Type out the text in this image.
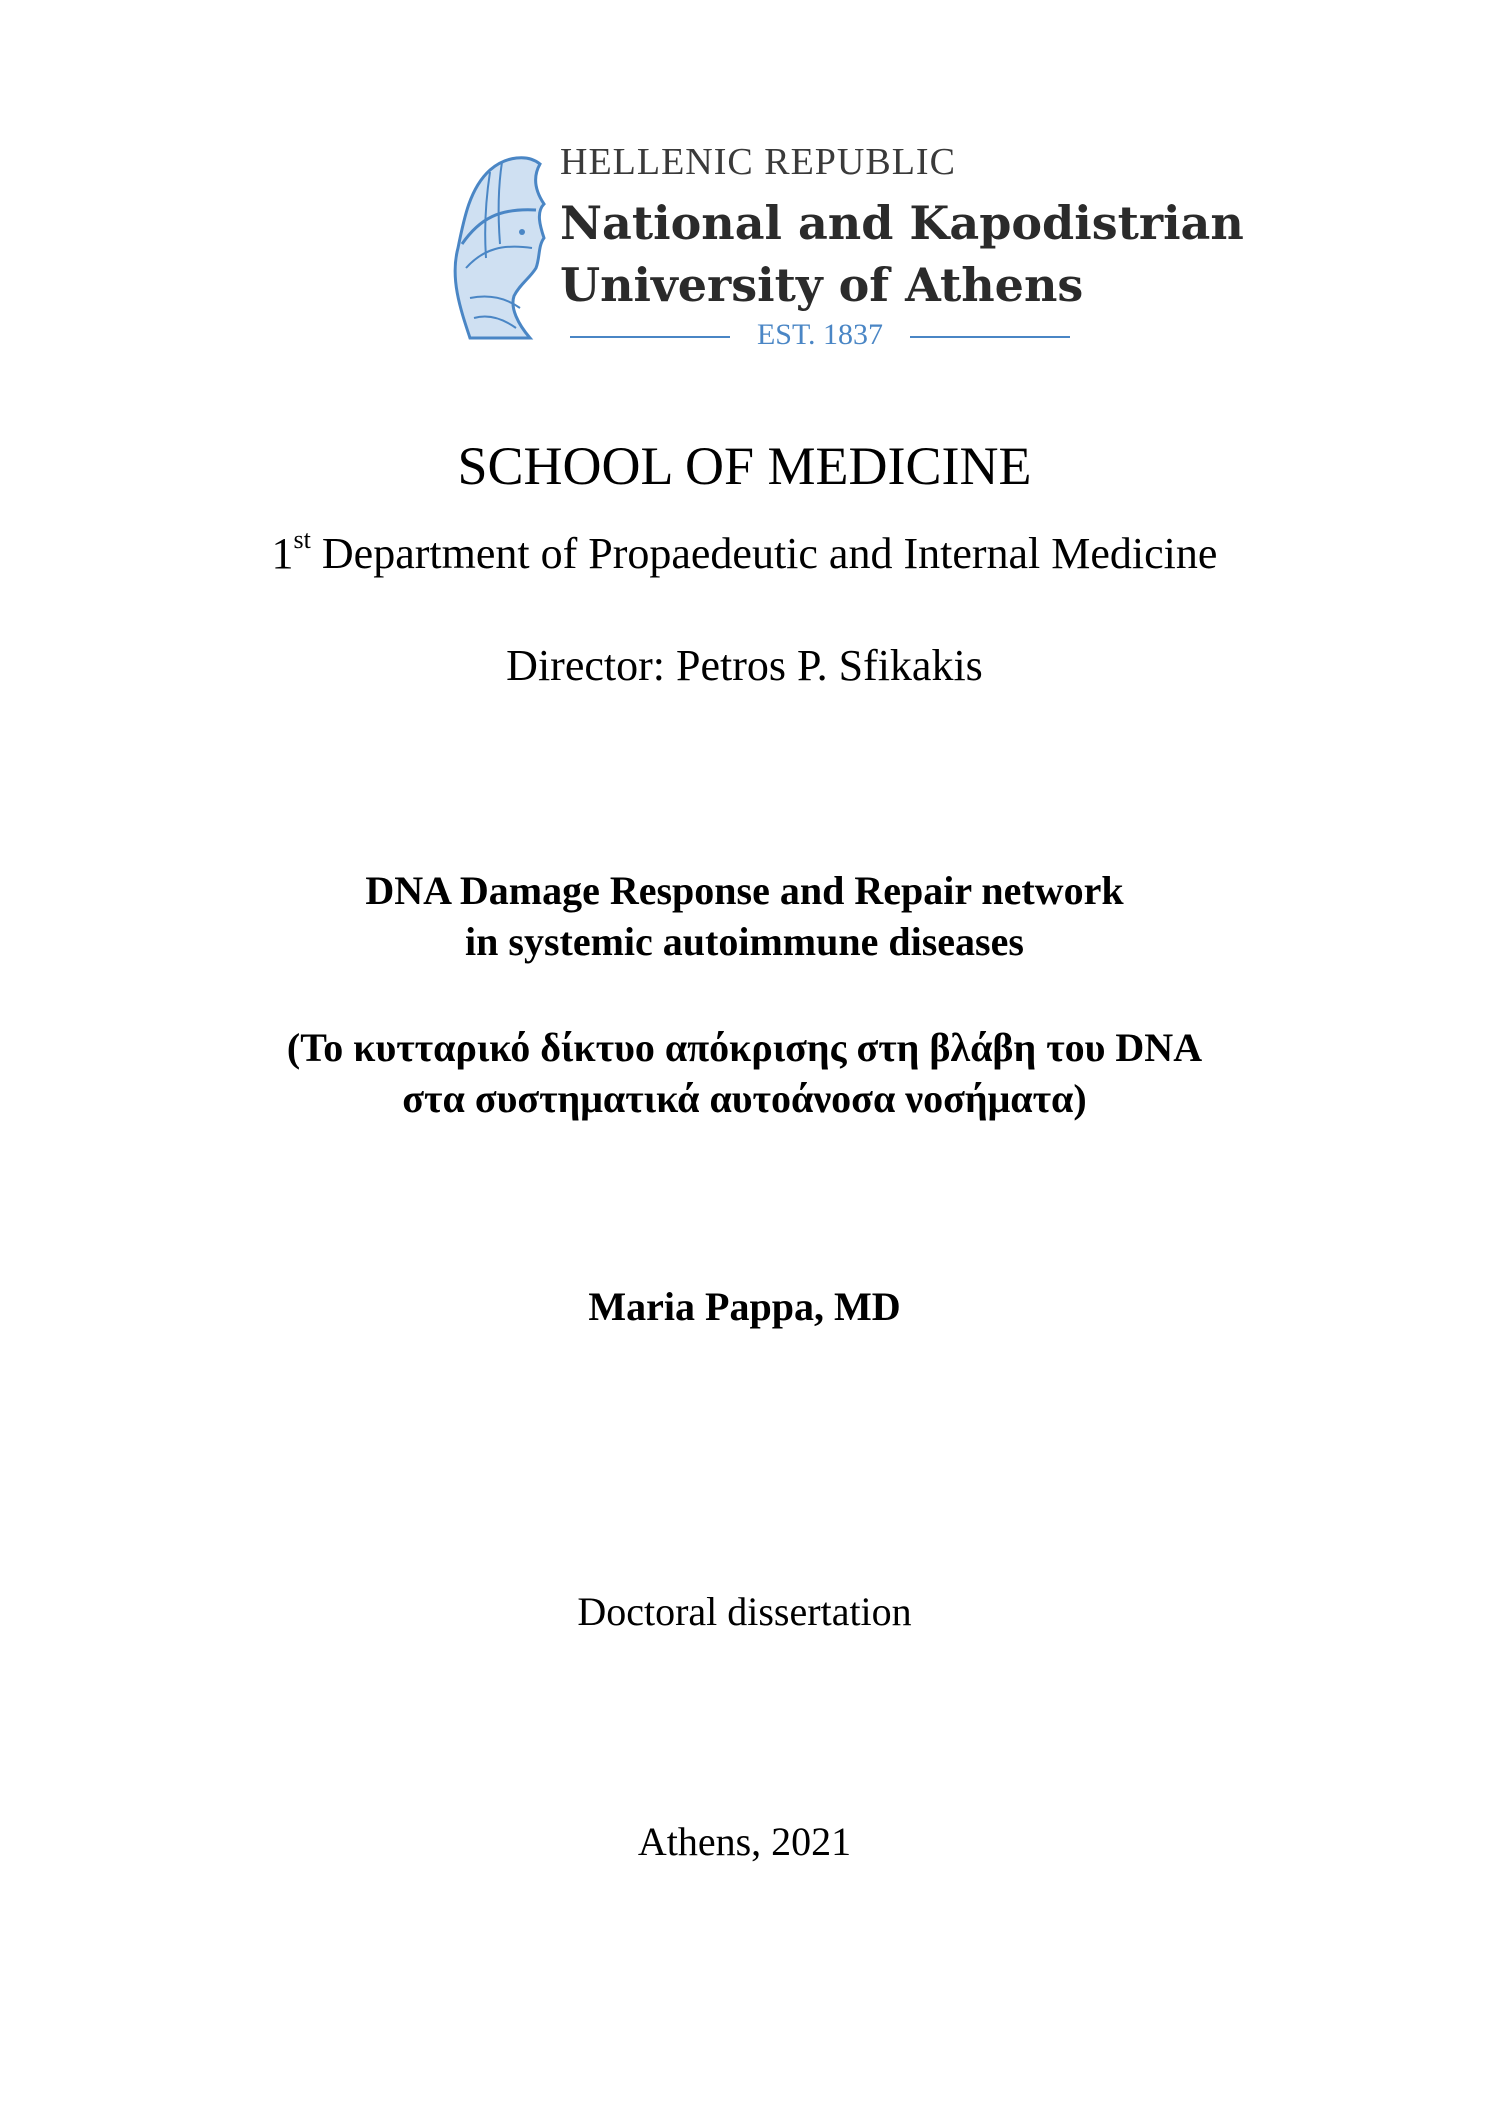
HELLENIC REPUBLIC
National and Kapodistrian
University of Athens
EST. 1837
SCHOOL OF MEDICINE
1st Department of Propaedeutic and Internal Medicine
Director: Petros P. Sfikakis
DNA Damage Response and Repair network
in systemic autoimmune diseases
(Το κυτταρικό δίκτυο απόκρισης στη βλάβη του DNA
στα συστηματικά αυτοάνοσα νοσήματα)
Maria Pappa, MD
Doctoral dissertation
Athens, 2021
